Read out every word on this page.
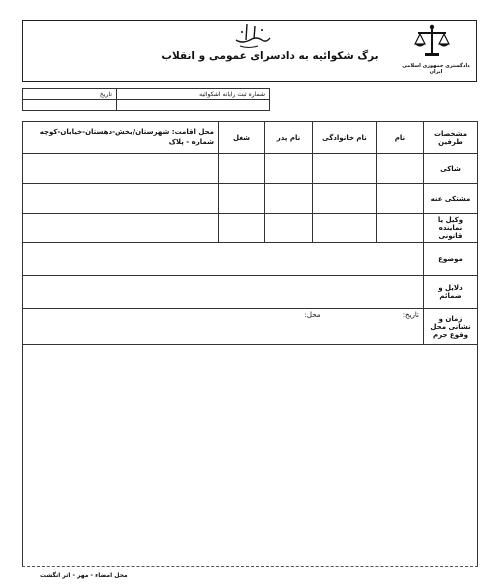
دادگستری جمهوری اسلامی ایران
برگ شکوائیه به دادسرای عمومی و انقلاب
شماره ثبت رایانه اشکوائیه	تاریخ

مشخصات طرفین	نام	نام خانوادگی	نام پدر	شغل	محل اقامت: شهرستان/بخش-دهستان-خیابان-کوچه شماره - پلاک
شاکی					
مشتکی عنه					
وکیل یا نماینده قانونی					
موضوع					
دلایل و ضمائم					
زمان و نشانی محل وقوع جرم	تاریخ: محل:				
محل امضاء - مهر - اثر انگشت
